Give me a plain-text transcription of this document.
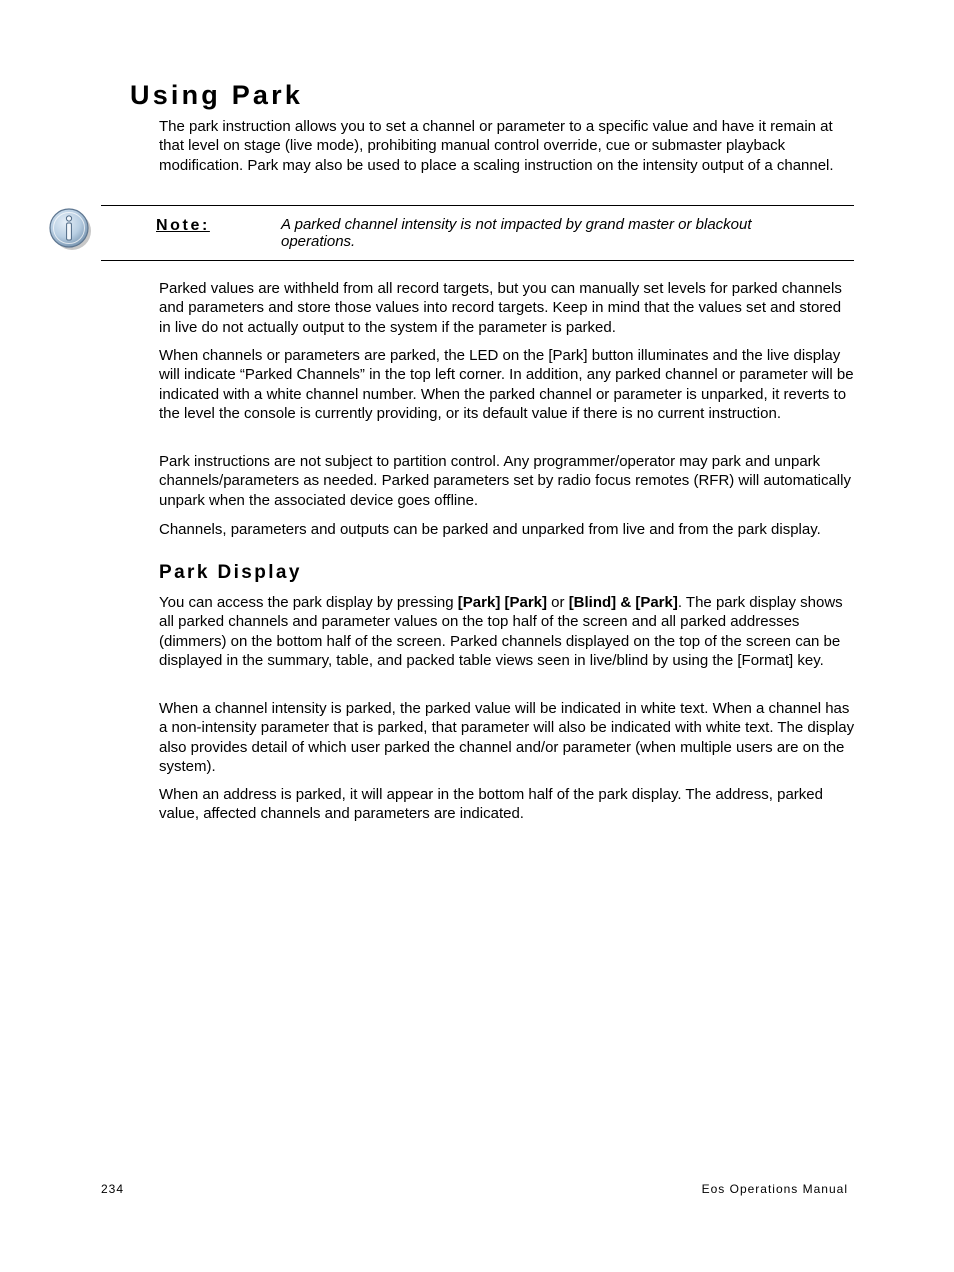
Using Park

The park instruction allows you to set a channel or parameter to a specific value and have it remain at that level on stage (live mode), prohibiting manual control override, cue or submaster playback modification. Park may also be used to place a scaling instruction on the intensity output of a channel.

Note:	A parked channel intensity is not impacted by grand master or blackout operations.

Parked values are withheld from all record targets, but you can manually set levels for parked channels and parameters and store those values into record targets. Keep in mind that the values set and stored in live do not actually output to the system if the parameter is parked.

When channels or parameters are parked, the LED on the [Park] button illuminates and the live display will indicate “Parked Channels” in the top left corner. In addition, any parked channel or parameter will be indicated with a white channel number. When the parked channel or parameter is unparked, it reverts to the level the console is currently providing, or its default value if there is no current instruction.

Park instructions are not subject to partition control. Any programmer/operator may park and unpark channels/parameters as needed. Parked parameters set by radio focus remotes (RFR) will automatically unpark when the associated device goes offline.

Channels, parameters and outputs can be parked and unparked from live and from the park display.

Park Display

You can access the park display by pressing [Park] [Park] or [Blind] & [Park]. The park display shows all parked channels and parameter values on the top half of the screen and all parked addresses (dimmers) on the bottom half of the screen. Parked channels displayed on the top of the screen can be displayed in the summary, table, and packed table views seen in live/blind by using the [Format] key.

When a channel intensity is parked, the parked value will be indicated in white text. When a channel has a non-intensity parameter that is parked, that parameter will also be indicated with white text. The display also provides detail of which user parked the channel and/or parameter (when multiple users are on the system).

When an address is parked, it will appear in the bottom half of the park display. The address, parked value, affected channels and parameters are indicated.

234	Eos Operations Manual
